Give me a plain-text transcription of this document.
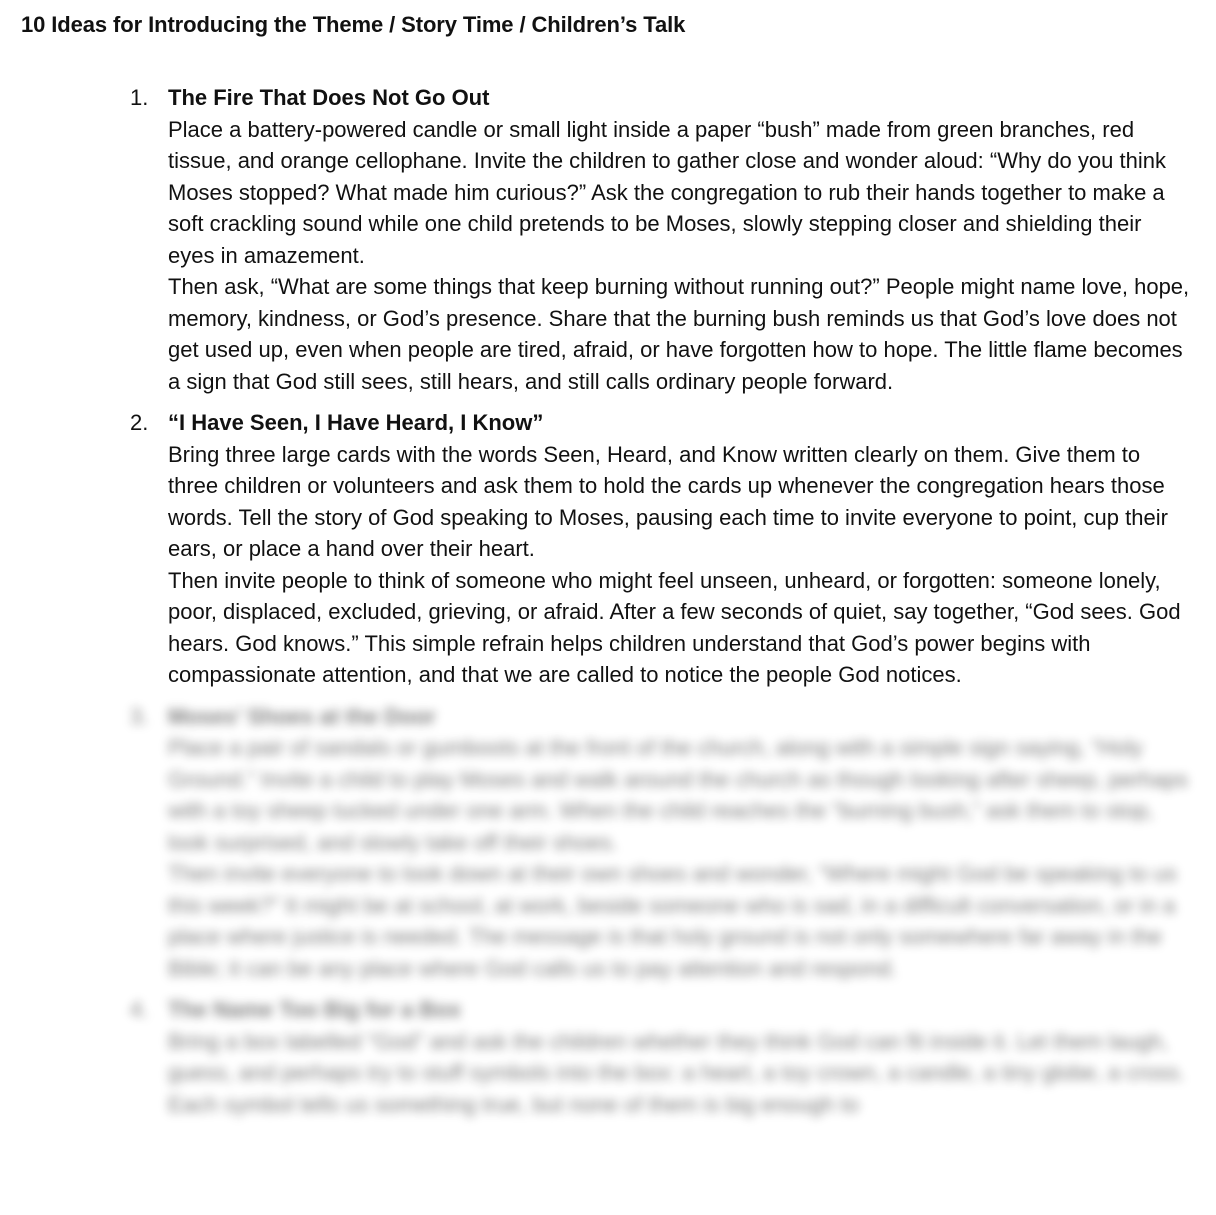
10 Ideas for Introducing the Theme / Story Time / Children’s Talk
1. The Fire That Does Not Go Out

Place a battery-powered candle or small light inside a paper “bush” made from green branches, red tissue, and orange cellophane. Invite the children to gather close and wonder aloud: “Why do you think Moses stopped? What made him curious?” Ask the congregation to rub their hands together to make a soft crackling sound while one child pretends to be Moses, slowly stepping closer and shielding their eyes in amazement.

Then ask, “What are some things that keep burning without running out?” People might name love, hope, memory, kindness, or God’s presence. Share that the burning bush reminds us that God’s love does not get used up, even when people are tired, afraid, or have forgotten how to hope. The little flame becomes a sign that God still sees, still hears, and still calls ordinary people forward.

2. “I Have Seen, I Have Heard, I Know”

Bring three large cards with the words Seen, Heard, and Know written clearly on them. Give them to three children or volunteers and ask them to hold the cards up whenever the congregation hears those words. Tell the story of God speaking to Moses, pausing each time to invite everyone to point, cup their ears, or place a hand over their heart.

Then invite people to think of someone who might feel unseen, unheard, or forgotten: someone lonely, poor, displaced, excluded, grieving, or afraid. After a few seconds of quiet, say together, “God sees. God hears. God knows.” This simple refrain helps children understand that God’s power begins with compassionate attention, and that we are called to notice the people God notices.

3. Moses’ Shoes at the Door

Place a pair of sandals or gumboots at the front of the church, along with a simple sign saying, “Holy Ground.” Invite a child to play Moses and walk around the church as though looking after sheep, perhaps with a toy sheep tucked under one arm. When the child reaches the “burning bush,” ask them to stop, look surprised, and slowly take off their shoes.

Then invite everyone to look down at their own shoes and wonder, “Where might God be speaking to us this week?” It might be at school, at work, beside someone who is sad, in a difficult conversation, or in a place where justice is needed. The message is that holy ground is not only somewhere far away in the Bible; it can be any place where God calls us to pay attention and respond.

4. The Name Too Big for a Box

Bring a box labelled “God” and ask the children whether they think God can fit inside it. Let them laugh, guess, and perhaps try to stuff symbols into the box: a heart, a toy crown, a candle, a tiny globe, a cross. Each symbol tells us something true, but none of them is big enough to
